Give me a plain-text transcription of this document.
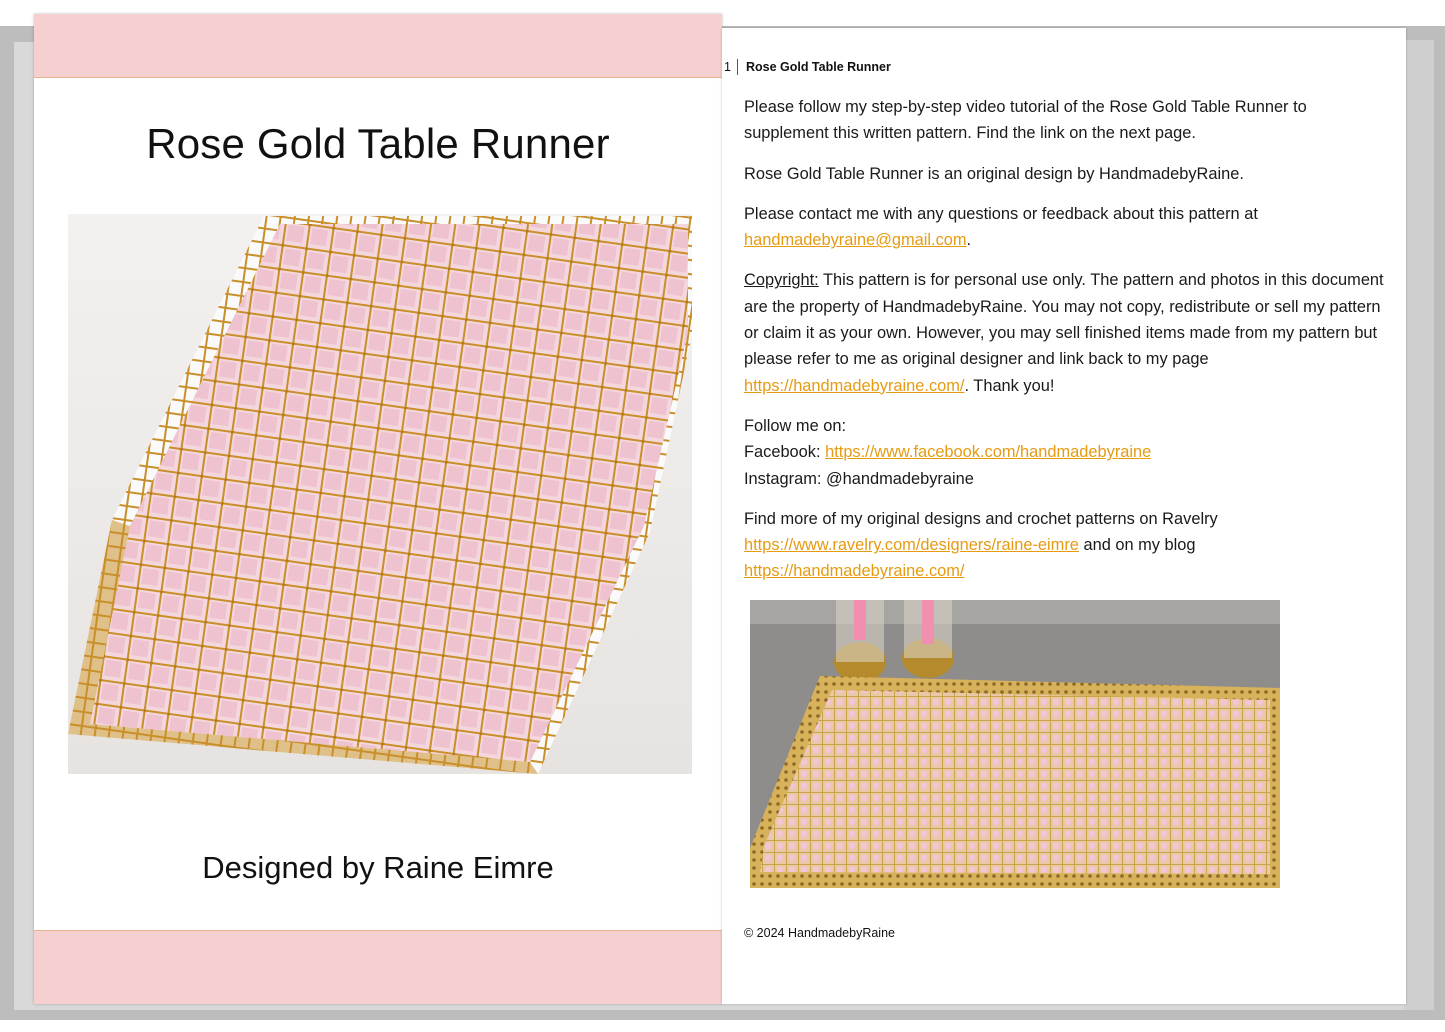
Rose Gold Table Runner
Designed by Raine Eimre
1	Rose Gold Table Runner

Please follow my step-by-step video tutorial of the Rose Gold Table Runner to supplement this written pattern. Find the link on the next page.

Rose Gold Table Runner is an original design by HandmadebyRaine.

Please contact me with any questions or feedback about this pattern at
handmadebyraine@gmail.com.

Copyright: This pattern is for personal use only. The pattern and photos in this document are the property of HandmadebyRaine. You may not copy, redistribute or sell my pattern or claim it as your own. However, you may sell finished items made from my pattern but please refer to me as original designer and link back to my page https://handmadebyraine.com/. Thank you!

Follow me on:
Facebook: https://www.facebook.com/handmadebyraine
Instagram: @handmadebyraine

Find more of my original designs and crochet patterns on Ravelry
https://www.ravelry.com/designers/raine-eimre and on my blog
https://handmadebyraine.com/

© 2024 HandmadebyRaine
